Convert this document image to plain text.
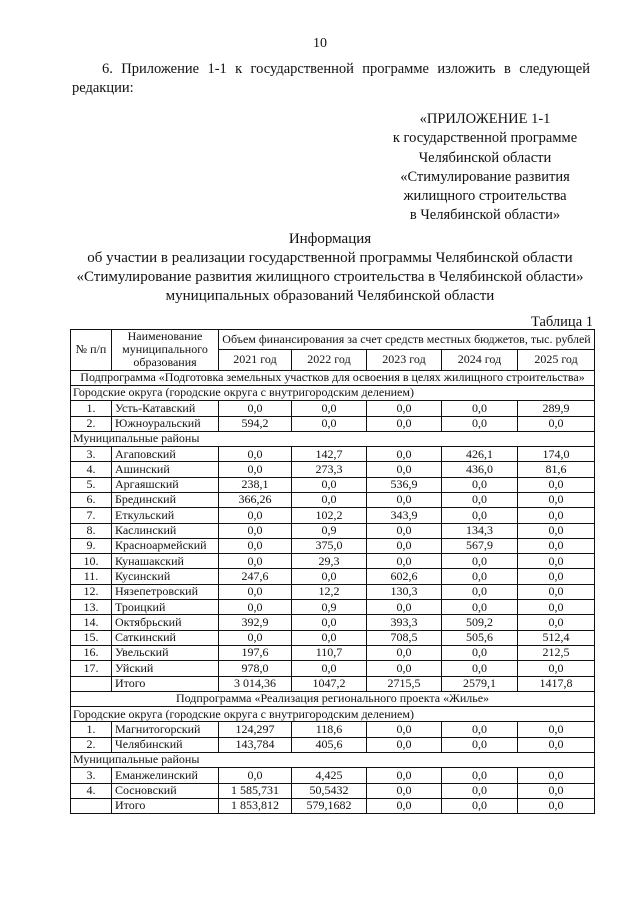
10
6. Приложение 1-1 к государственной программе изложить в следующей редакции:
«ПРИЛОЖЕНИЕ 1-1
к государственной программе
Челябинской области
«Стимулирование развития
жилищного строительства
в Челябинской области»
Информация
об участии в реализации государственной программы Челябинской области
«Стимулирование развития жилищного строительства в Челябинской области»
муниципальных образований Челябинской области
Таблица 1
№ п/п	Наименование муниципального образования	Объем финансирования за счет средств местных бюджетов, тыс. рублей				
		2021 год	2022 год	2023 год	2024 год	2025 год
Подпрограмма «Подготовка земельных участков для освоения в целях жилищного строительства»						
Городские округа (городские округа с внутригородским делением)						
1.	Усть-Катавский	0,0	0,0	0,0	0,0	289,9
2.	Южноуральский	594,2	0,0	0,0	0,0	0,0
Муниципальные районы						
3.	Агаповский	0,0	142,7	0,0	426,1	174,0
4.	Ашинский	0,0	273,3	0,0	436,0	81,6
5.	Аргаяшский	238,1	0,0	536,9	0,0	0,0
6.	Брединский	366,26	0,0	0,0	0,0	0,0
7.	Еткульский	0,0	102,2	343,9	0,0	0,0
8.	Каслинский	0,0	0,9	0,0	134,3	0,0
9.	Красноармейский	0,0	375,0	0,0	567,9	0,0
10.	Кунашакский	0,0	29,3	0,0	0,0	0,0
11.	Кусинский	247,6	0,0	602,6	0,0	0,0
12.	Нязепетровский	0,0	12,2	130,3	0,0	0,0
13.	Троицкий	0,0	0,9	0,0	0,0	0,0
14.	Октябрьский	392,9	0,0	393,3	509,2	0,0
15.	Саткинский	0,0	0,0	708,5	505,6	512,4
16.	Увельский	197,6	110,7	0,0	0,0	212,5
17.	Уйский	978,0	0,0	0,0	0,0	0,0
	Итого	3 014,36	1047,2	2715,5	2579,1	1417,8
Подпрограмма «Реализация регионального проекта «Жилье»						
Городские округа (городские округа с внутригородским делением)						
1.	Магнитогорский	124,297	118,6	0,0	0,0	0,0
2.	Челябинский	143,784	405,6	0,0	0,0	0,0
Муниципальные районы						
3.	Еманжелинский	0,0	4,425	0,0	0,0	0,0
4.	Сосновский	1 585,731	50,5432	0,0	0,0	0,0
	Итого	1 853,812	579,1682	0,0	0,0	0,0
